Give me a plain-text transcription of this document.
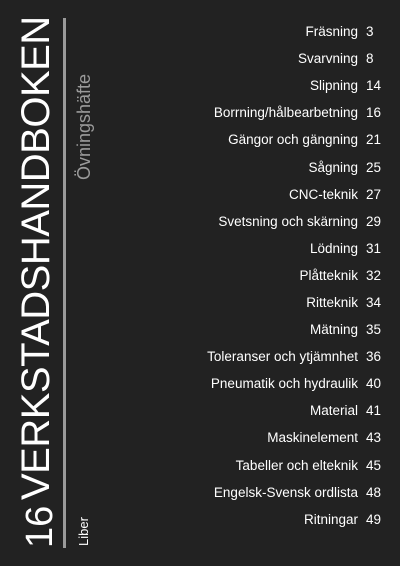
VERKSTADSHANDBOKEN
16
Övningshäfte
Liber
Fräsning 3
Svarvning 8
Slipning 14
Borrning/hålbearbetning 16
Gängor och gängning 21
Sågning 25
CNC-teknik 27
Svetsning och skärning 29
Lödning 31
Plåtteknik 32
Ritteknik 34
Mätning 35
Toleranser och ytjämnhet 36
Pneumatik och hydraulik 40
Material 41
Maskinelement 43
Tabeller och elteknik 45
Engelsk-Svensk ordlista 48
Ritningar 49
